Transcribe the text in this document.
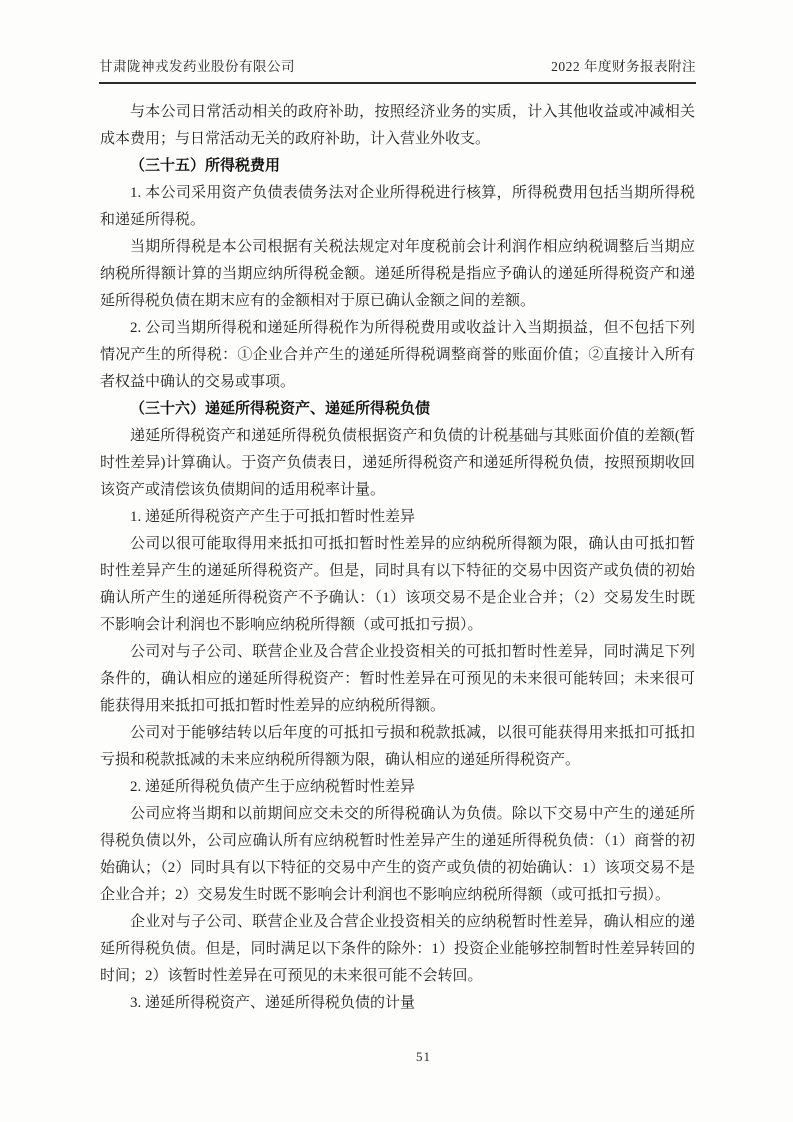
甘肃陇神戎发药业股份有限公司	2022 年度财务报表附注

与本公司日常活动相关的政府补助，按照经济业务的实质，计入其他收益或冲减相关成本费用；与日常活动无关的政府补助，计入营业外收支。

（三十五）所得税费用

1. 本公司采用资产负债表债务法对企业所得税进行核算，所得税费用包括当期所得税和递延所得税。

当期所得税是本公司根据有关税法规定对年度税前会计利润作相应纳税调整后当期应纳税所得额计算的当期应纳所得税金额。递延所得税是指应予确认的递延所得税资产和递延所得税负债在期末应有的金额相对于原已确认金额之间的差额。

2. 公司当期所得税和递延所得税作为所得税费用或收益计入当期损益，但不包括下列情况产生的所得税：①企业合并产生的递延所得税调整商誉的账面价值；②直接计入所有者权益中确认的交易或事项。

（三十六）递延所得税资产、递延所得税负债

递延所得税资产和递延所得税负债根据资产和负债的计税基础与其账面价值的差额(暂时性差异)计算确认。于资产负债表日，递延所得税资产和递延所得税负债，按照预期收回该资产或清偿该负债期间的适用税率计量。

1. 递延所得税资产产生于可抵扣暂时性差异

公司以很可能取得用来抵扣可抵扣暂时性差异的应纳税所得额为限，确认由可抵扣暂时性差异产生的递延所得税资产。但是，同时具有以下特征的交易中因资产或负债的初始确认所产生的递延所得税资产不予确认：（1）该项交易不是企业合并；（2）交易发生时既不影响会计利润也不影响应纳税所得额（或可抵扣亏损）。

公司对与子公司、联营企业及合营企业投资相关的可抵扣暂时性差异，同时满足下列条件的，确认相应的递延所得税资产：暂时性差异在可预见的未来很可能转回；未来很可能获得用来抵扣可抵扣暂时性差异的应纳税所得额。

公司对于能够结转以后年度的可抵扣亏损和税款抵减，以很可能获得用来抵扣可抵扣亏损和税款抵减的未来应纳税所得额为限，确认相应的递延所得税资产。

2. 递延所得税负债产生于应纳税暂时性差异

公司应将当期和以前期间应交未交的所得税确认为负债。除以下交易中产生的递延所得税负债以外，公司应确认所有应纳税暂时性差异产生的递延所得税负债：（1）商誉的初始确认；（2）同时具有以下特征的交易中产生的资产或负债的初始确认：1）该项交易不是企业合并；2）交易发生时既不影响会计利润也不影响应纳税所得额（或可抵扣亏损）。

企业对与子公司、联营企业及合营企业投资相关的应纳税暂时性差异，确认相应的递延所得税负债。但是，同时满足以下条件的除外：1）投资企业能够控制暂时性差异转回的时间；2）该暂时性差异在可预见的未来很可能不会转回。

3. 递延所得税资产、递延所得税负债的计量

51
